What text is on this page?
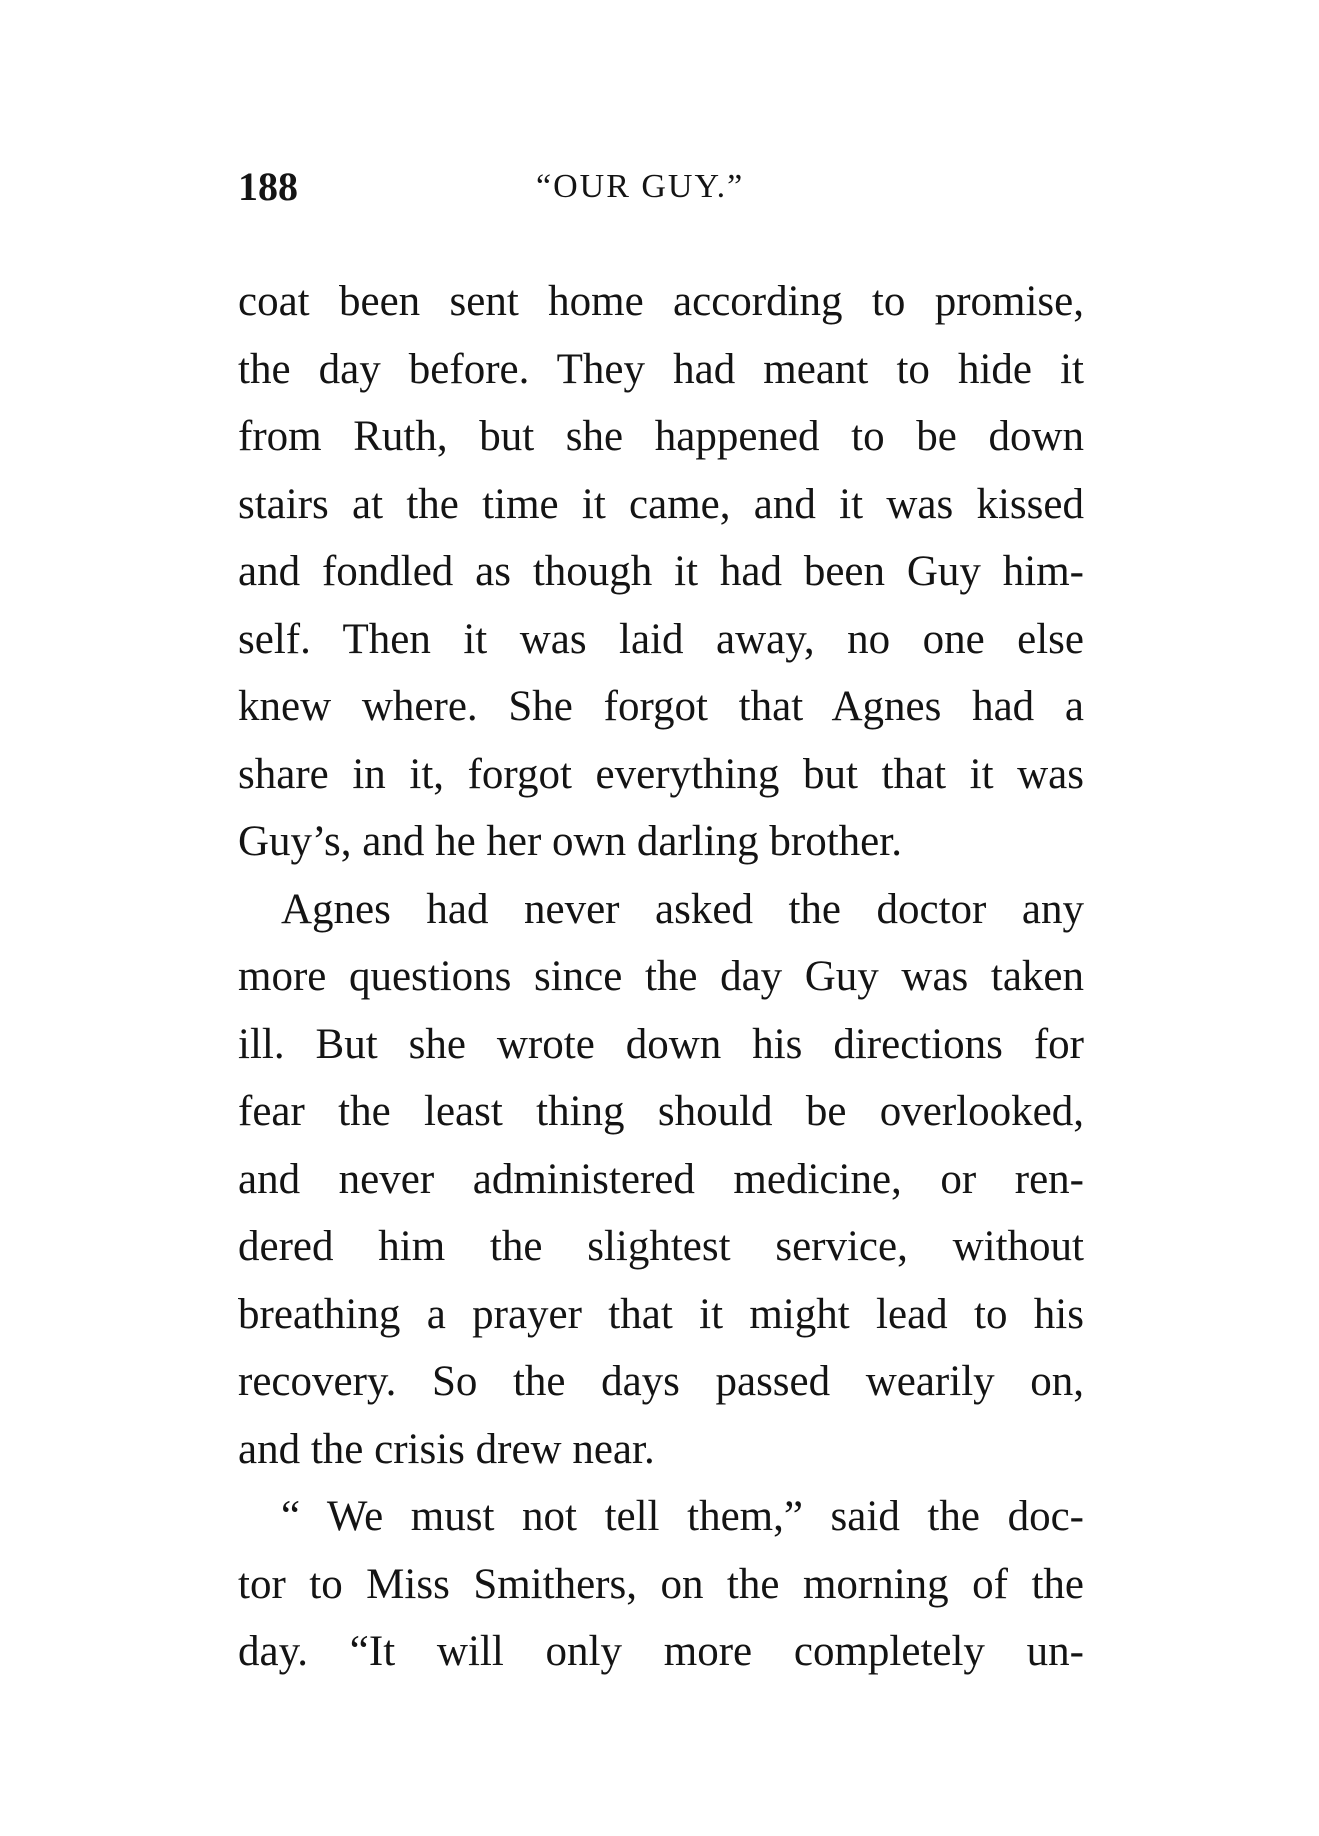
188	“OUR GUY.”
coat been sent home according to promise,
the day before. They had meant to hide it
from Ruth, but she happened to be down
stairs at the time it came, and it was kissed
and fondled as though it had been Guy him-
self. Then it was laid away, no one else
knew where. She forgot that Agnes had a
share in it, forgot everything but that it was
Guy’s, and he her own darling brother.
Agnes had never asked the doctor any
more questions since the day Guy was taken
ill. But she wrote down his directions for
fear the least thing should be overlooked,
and never administered medicine, or ren-
dered him the slightest service, without
breathing a prayer that it might lead to his
recovery. So the days passed wearily on,
and the crisis drew near.
“ We must not tell them,” said the doc-
tor to Miss Smithers, on the morning of the
day. “It will only more completely un-
